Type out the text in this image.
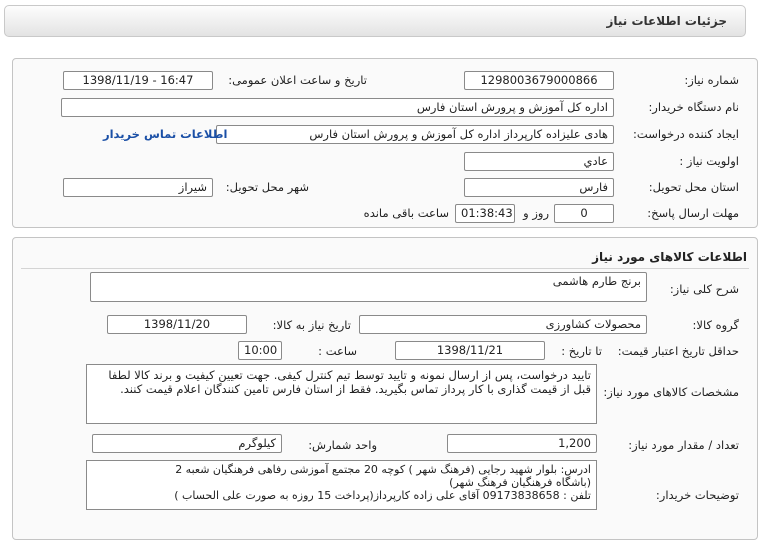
جزئيات اطلاعات نياز
شماره نياز:
1298003679000866
تاريخ و ساعت اعلان عمومی:
1398/11/19 - 16:47
نام دستگاه خريدار:
اداره کل آموزش و پرورش استان فارس
ايجاد کننده درخواست:
هادی علیزاده کارپرداز اداره کل آموزش و پرورش استان فارس
اطلاعات تماس خريدار
اولويت نياز :
عادي
استان محل تحويل:
فارس
شهر محل تحويل:
شیراز
مهلت ارسال پاسخ:
0
روز و
01:38:43
ساعت باقی مانده
اطلاعات کالاهای مورد نياز
شرح کلی نياز:
برنج طارم هاشمی
گروه کالا:
محصولات کشاورزی
تاريخ نياز به کالا:
1398/11/20
حداقل تاريخ اعتبار قيمت:
تا تاريخ :
1398/11/21
ساعت :
10:00
مشخصات کالاهای مورد نياز:
تایید درخواست، پس از ارسال نمونه و تایید توسط تیم کنترل کیفی. جهت تعیین کیفیت و برند کالا لطفا
قبل از قیمت گذاری با کار پرداز تماس بگیرید. فقط از استان فارس تامین کنندگان اعلام قیمت کنند.
تعداد / مقدار مورد نياز:
1,200
واحد شمارش:
کیلوگرم
توضيحات خريدار:
ادرس: بلوار شهید رجایی (فرهنگ شهر ) کوچه 20 مجتمع آموزشی رفاهی فرهنگیان شعبه 2
(باشگاه فرهنگیان فرهنگ شهر)
تلفن : 09173838658 آقای علی زاده کارپرداز(پرداخت 15 روزه به صورت علی الحساب )
